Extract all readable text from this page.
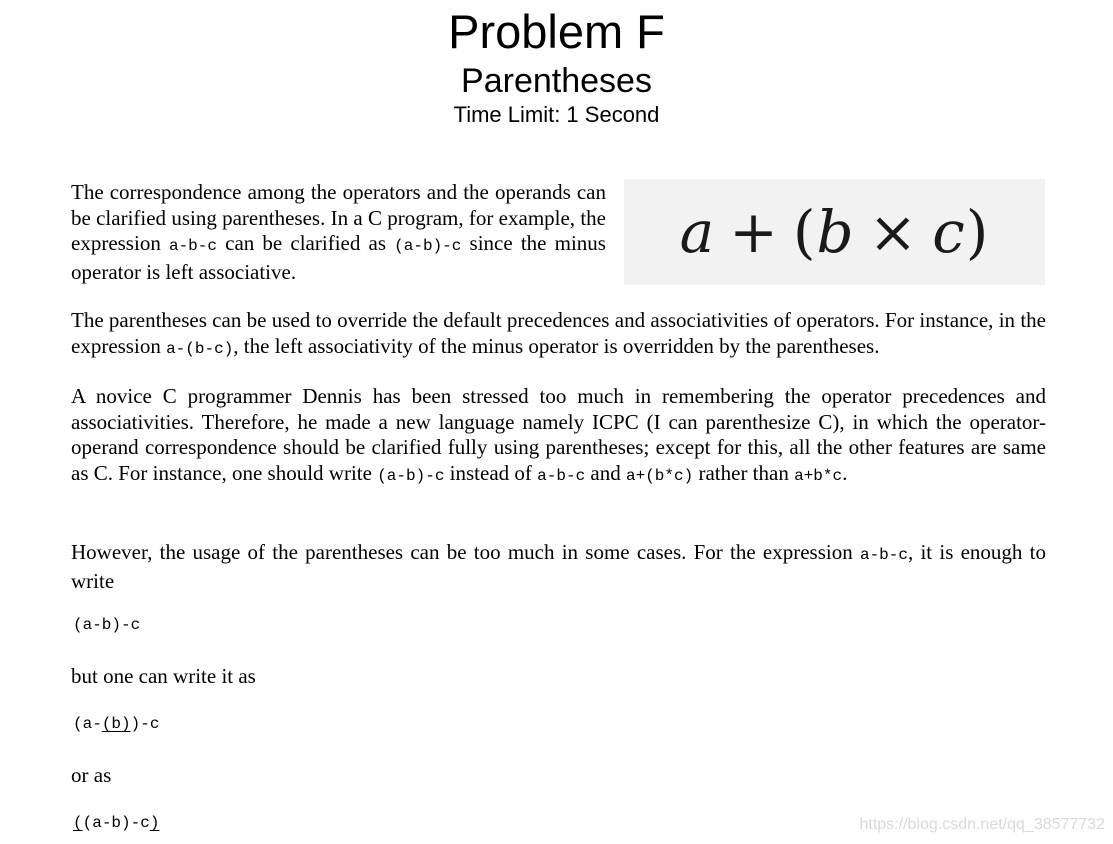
Problem F
Parentheses
Time Limit: 1 Second

The correspondence among the operators and the operands can be clarified using parentheses. In a C program, for example, the expression a-b-c can be clarified as (a-b)-c since the minus operator is left associative.

a + (b × c)

The parentheses can be used to override the default precedences and associativities of operators. For instance, in the expression a-(b-c), the left associativity of the minus operator is overridden by the parentheses.

A novice C programmer Dennis has been stressed too much in remembering the operator precedences and associativities. Therefore, he made a new language namely ICPC (I can parenthesize C), in which the operator-operand correspondence should be clarified fully using parentheses; except for this, all the other features are same as C. For instance, one should write (a-b)-c instead of a-b-c and a+(b*c) rather than a+b*c.

However, the usage of the parentheses can be too much in some cases. For the expression a-b-c, it is enough to write

(a-b)-c

but one can write it as

(a-(b))-c

or as

((a-b)-c)	https://blog.csdn.net/qq_38577732
